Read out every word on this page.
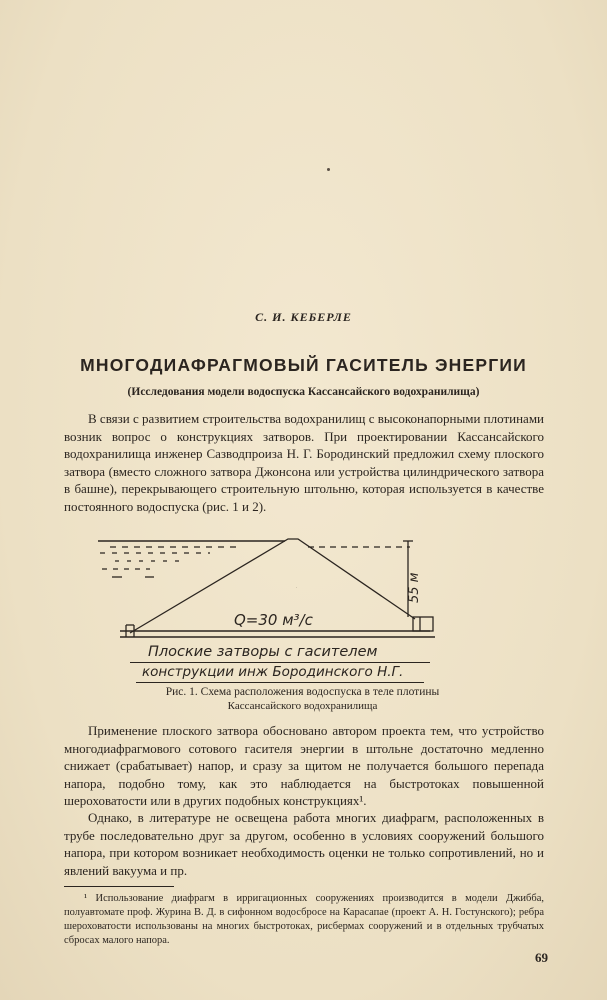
С. И. КЕБЕРЛЕ
МНОГОДИАФРАГМОВЫЙ ГАСИТЕЛЬ ЭНЕРГИИ
(Исследования модели водоспуска Кассансайского водохранилища)

В связи с развитием строительства водохранилищ с высоконапорными плотинами возник вопрос о конструкциях затворов. При проектировании Кассансайского водохранилища инженер Сазводпроиза Н. Г. Бородинский предложил схему плоского затвора (вместо сложного затвора Джонсона или устройства цилиндрического затвора в башне), перекрывающего строительную штольню, которая используется в качестве постоянного водоспуска (рис. 1 и 2).

·	55 м
Q=30 м³/с
Плоские затворы с гасителем
конструкции инж Бородинского Н.Г.
Рис. 1. Схема расположения водоспуска в теле плотины
Кассансайского водохранилища

Применение плоского затвора обосновано автором проекта тем, что устройство многодиафрагмового сотового гасителя энергии в штольне достаточно медленно снижает (срабатывает) напор, и сразу за щитом не получается большого перепада напора, подобно тому, как это наблюдается на быстротоках повышенной шероховатости или в других подобных конструкциях¹.

Однако, в литературе не освещена работа многих диафрагм, расположенных в трубе последовательно друг за другом, особенно в условиях сооружений большого напора, при котором возникает необходимость оценки не только сопротивлений, но и явлений вакуума и пр.

¹ Использование диафрагм в ирригационных сооружениях производится в модели Джибба, полуавтомате проф. Журина В. Д. в сифонном водосбросе на Карасапае (проект А. Н. Гостунского); ребра шероховатости использованы на многих быстротоках, рисбермах сооружений и в отдельных трубчатых сбросах малого напора.

69
